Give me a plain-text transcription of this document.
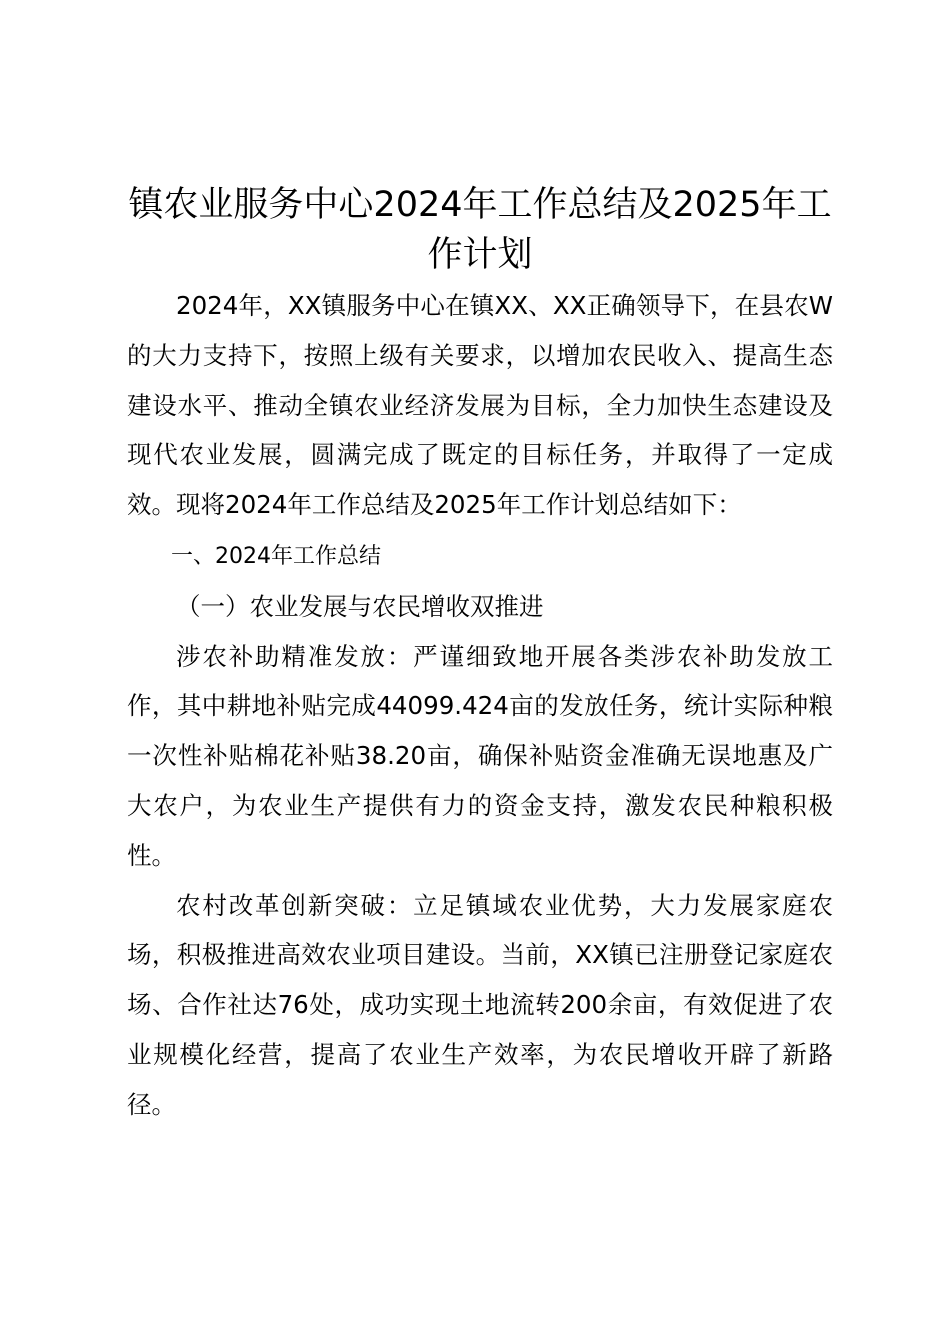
镇农业服务中心2024年工作总结及2025年工作计划

2024年，XX镇服务中心在镇XX、XX正确领导下，在县农W的大力支持下，按照上级有关要求，以增加农民收入、提高生态建设水平、推动全镇农业经济发展为目标，全力加快生态建设及现代农业发展，圆满完成了既定的目标任务，并取得了一定成效。现将2024年工作总结及2025年工作计划总结如下：

一、2024年工作总结

（一）农业发展与农民增收双推进

涉农补助精准发放：严谨细致地开展各类涉农补助发放工作，其中耕地补贴完成44099.424亩的发放任务，统计实际种粮一次性补贴棉花补贴38.20亩，确保补贴资金准确无误地惠及广大农户，为农业生产提供有力的资金支持，激发农民种粮积极性。

农村改革创新突破：立足镇域农业优势，大力发展家庭农场，积极推进高效农业项目建设。当前，XX镇已注册登记家庭农场、合作社达76处，成功实现土地流转200余亩，有效促进了农业规模化经营，提高了农业生产效率，为农民增收开辟了新路径。
